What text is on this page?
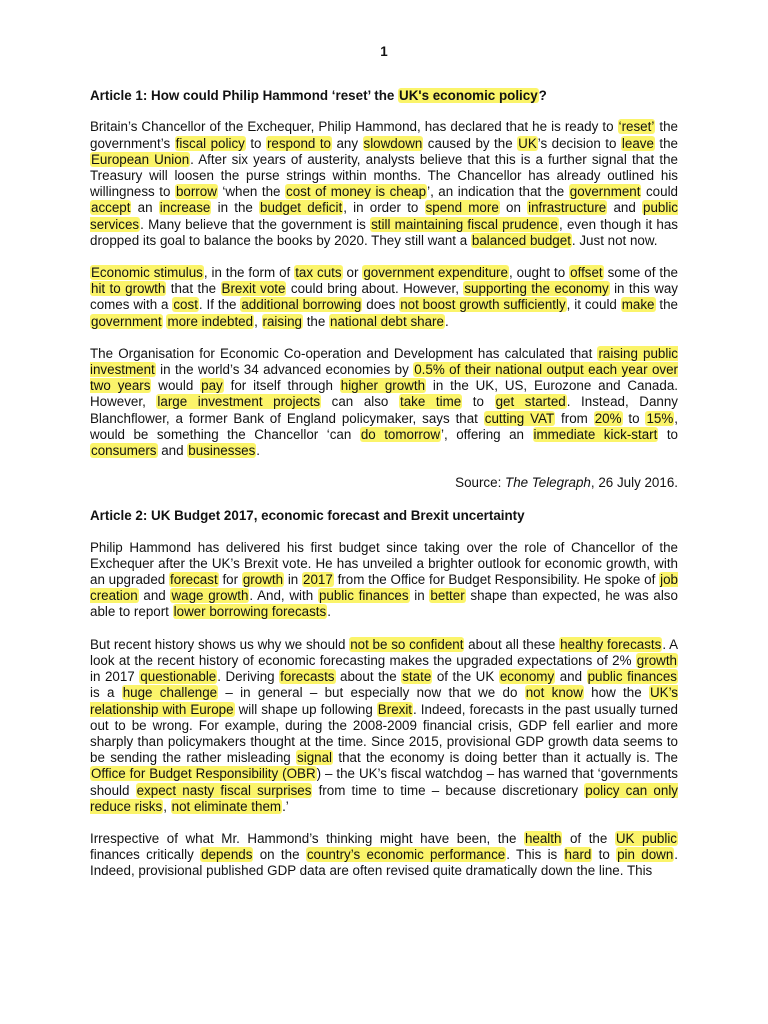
1
Article 1: How could Philip Hammond ‘reset’ the UK's economic policy?

Britain’s Chancellor of the Exchequer, Philip Hammond, has declared that he is ready to ‘reset’ the government’s fiscal policy to respond to any slowdown caused by the UK’s decision to leave the European Union. After six years of austerity, analysts believe that this is a further signal that the Treasury will loosen the purse strings within months. The Chancellor has already outlined his willingness to borrow ‘when the cost of money is cheap’, an indication that the government could accept an increase in the budget deficit, in order to spend more on infrastructure and public services. Many believe that the government is still maintaining fiscal prudence, even though it has dropped its goal to balance the books by 2020. They still want a balanced budget. Just not now.

Economic stimulus, in the form of tax cuts or government expenditure, ought to offset some of the hit to growth that the Brexit vote could bring about. However, supporting the economy in this way comes with a cost. If the additional borrowing does not boost growth sufficiently, it could make the government more indebted, raising the national debt share.

The Organisation for Economic Co-operation and Development has calculated that raising public investment in the world’s 34 advanced economies by 0.5% of their national output each year over two years would pay for itself through higher growth in the UK, US, Eurozone and Canada. However, large investment projects can also take time to get started. Instead, Danny Blanchflower, a former Bank of England policymaker, says that cutting VAT from 20% to 15%, would be something the Chancellor ‘can do tomorrow’, offering an immediate kick-start to consumers and businesses.

Source: The Telegraph, 26 July 2016.

Article 2: UK Budget 2017, economic forecast and Brexit uncertainty

Philip Hammond has delivered his first budget since taking over the role of Chancellor of the Exchequer after the UK’s Brexit vote. He has unveiled a brighter outlook for economic growth, with an upgraded forecast for growth in 2017 from the Office for Budget Responsibility. He spoke of job creation and wage growth. And, with public finances in better shape than expected, he was also able to report lower borrowing forecasts.

But recent history shows us why we should not be so confident about all these healthy forecasts. A look at the recent history of economic forecasting makes the upgraded expectations of 2% growth in 2017 questionable. Deriving forecasts about the state of the UK economy and public finances is a huge challenge – in general – but especially now that we do not know how the UK’s relationship with Europe will shape up following Brexit. Indeed, forecasts in the past usually turned out to be wrong. For example, during the 2008-2009 financial crisis, GDP fell earlier and more sharply than policymakers thought at the time. Since 2015, provisional GDP growth data seems to be sending the rather misleading signal that the economy is doing better than it actually is. The Office for Budget Responsibility (OBR) – the UK’s fiscal watchdog – has warned that ‘governments should expect nasty fiscal surprises from time to time – because discretionary policy can only reduce risks, not eliminate them.’

Irrespective of what Mr. Hammond’s thinking might have been, the health of the UK public finances critically depends on the country’s economic performance. This is hard to pin down. Indeed, provisional published GDP data are often revised quite dramatically down the line. This
